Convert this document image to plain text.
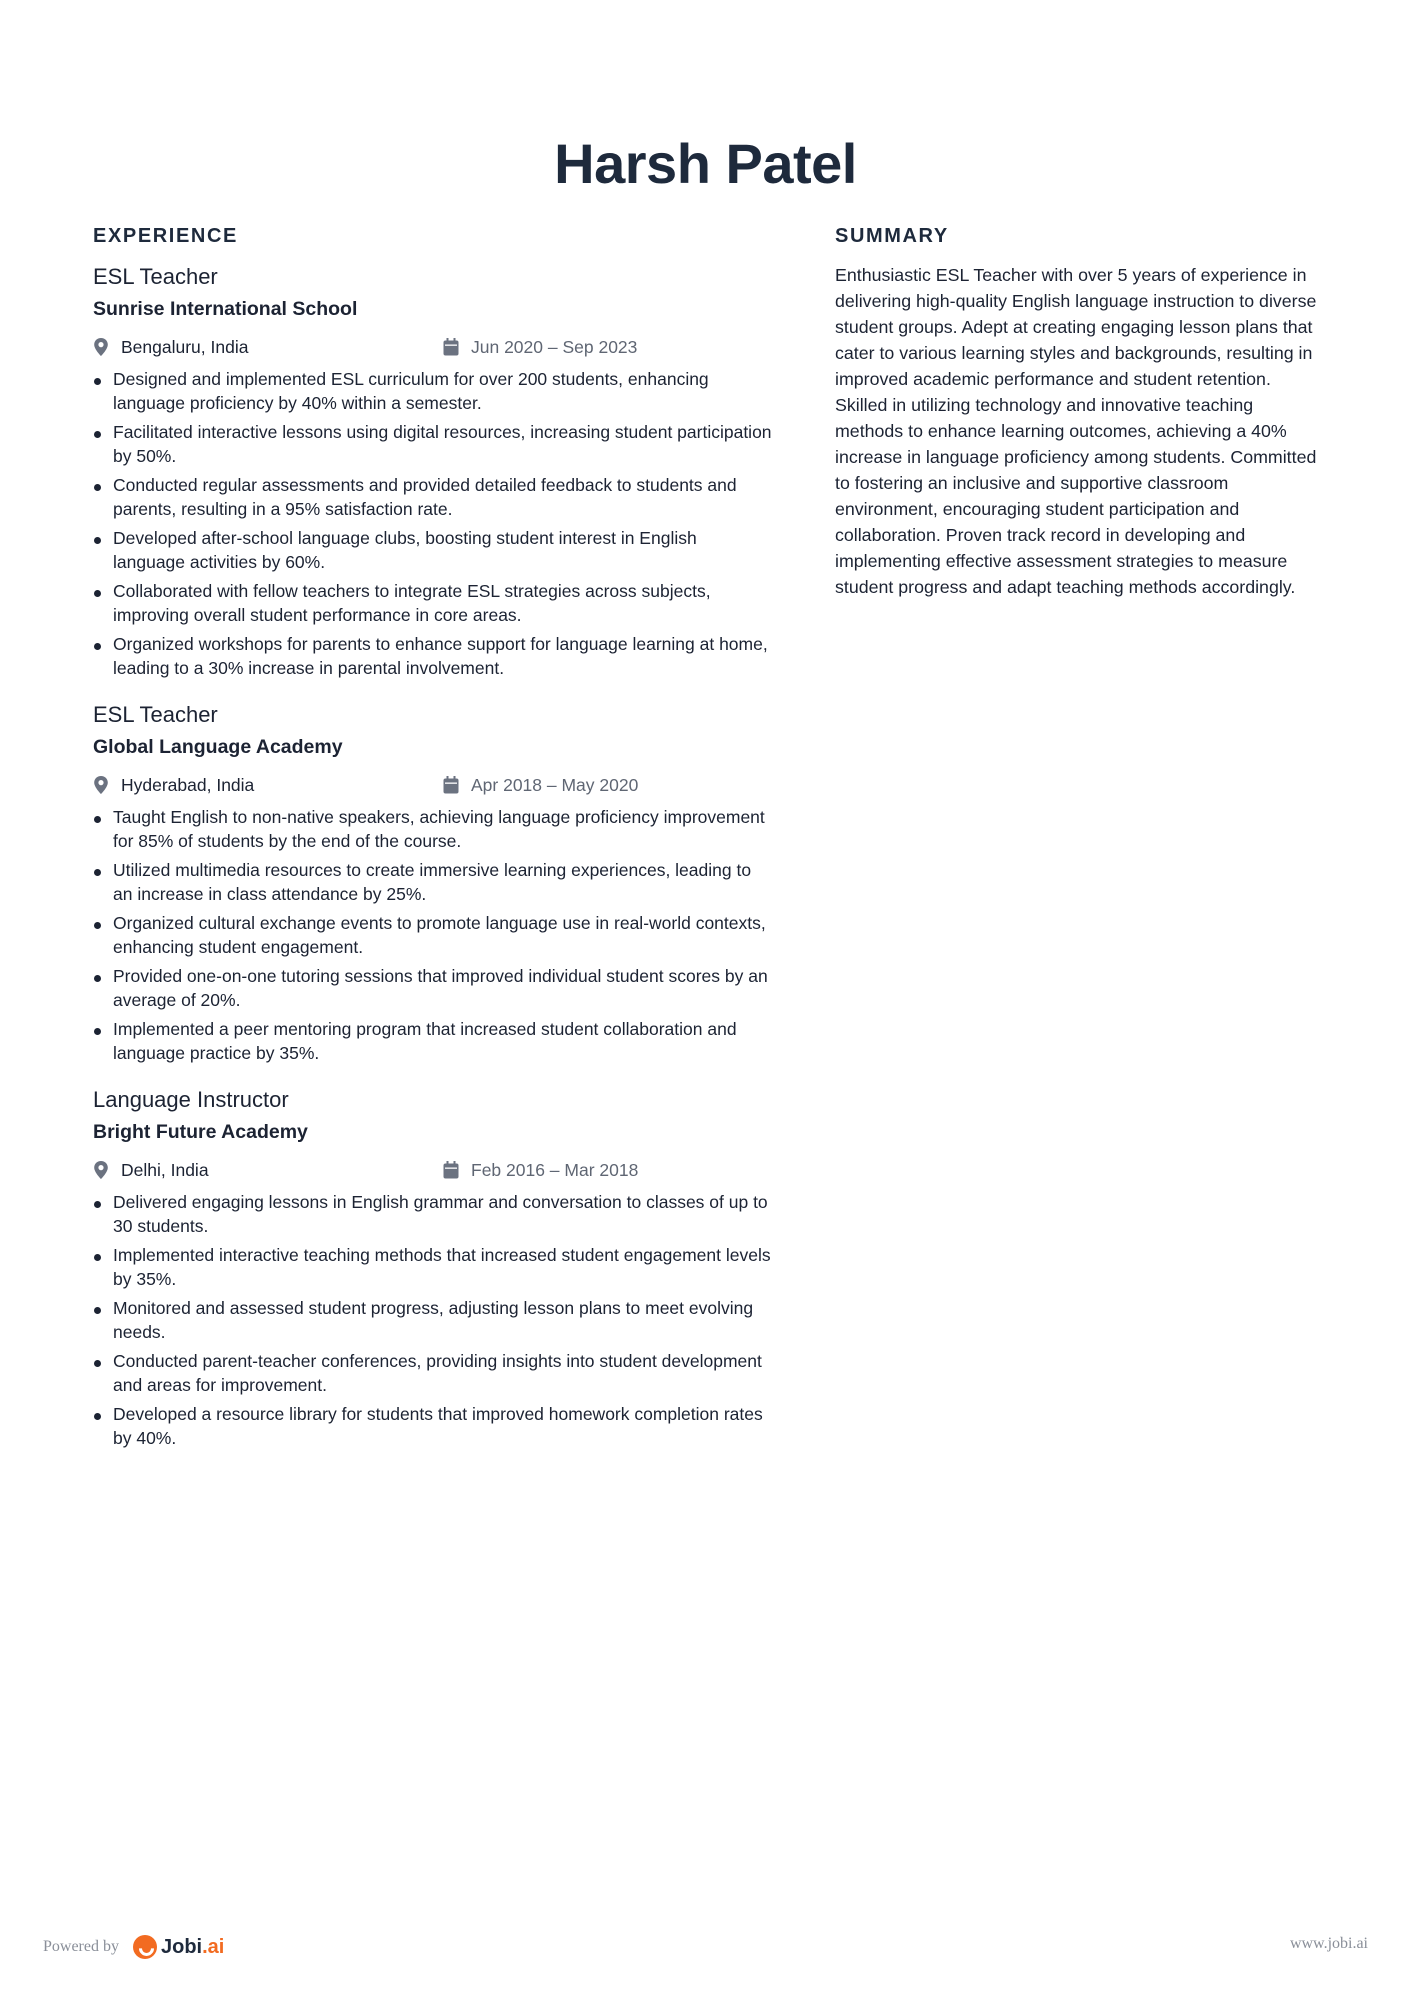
Harsh Patel
EXPERIENCE
ESL Teacher
Sunrise International School
Bengaluru, India	Jun 2020 – Sep 2023
Designed and implemented ESL curriculum for over 200 students, enhancing language proficiency by 40% within a semester.
Facilitated interactive lessons using digital resources, increasing student participation by 50%.
Conducted regular assessments and provided detailed feedback to students and parents, resulting in a 95% satisfaction rate.
Developed after-school language clubs, boosting student interest in English language activities by 60%.
Collaborated with fellow teachers to integrate ESL strategies across subjects, improving overall student performance in core areas.
Organized workshops for parents to enhance support for language learning at home, leading to a 30% increase in parental involvement.
ESL Teacher
Global Language Academy
Hyderabad, India	Apr 2018 – May 2020
Taught English to non-native speakers, achieving language proficiency improvement for 85% of students by the end of the course.
Utilized multimedia resources to create immersive learning experiences, leading to an increase in class attendance by 25%.
Organized cultural exchange events to promote language use in real-world contexts, enhancing student engagement.
Provided one-on-one tutoring sessions that improved individual student scores by an average of 20%.
Implemented a peer mentoring program that increased student collaboration and language practice by 35%.
Language Instructor
Bright Future Academy
Delhi, India	Feb 2016 – Mar 2018
Delivered engaging lessons in English grammar and conversation to classes of up to 30 students.
Implemented interactive teaching methods that increased student engagement levels by 35%.
Monitored and assessed student progress, adjusting lesson plans to meet evolving needs.
Conducted parent-teacher conferences, providing insights into student development and areas for improvement.
Developed a resource library for students that improved homework completion rates by 40%.
SUMMARY

Enthusiastic ESL Teacher with over 5 years of experience in delivering high-quality English language instruction to diverse student groups. Adept at creating engaging lesson plans that cater to various learning styles and backgrounds, resulting in improved academic performance and student retention. Skilled in utilizing technology and innovative teaching methods to enhance learning outcomes, achieving a 40% increase in language proficiency among students. Committed to fostering an inclusive and supportive classroom environment, encouraging student participation and collaboration. Proven track record in developing and implementing effective assessment strategies to measure student progress and adapt teaching methods accordingly.

Powered by Jobi.ai	www.jobi.ai
